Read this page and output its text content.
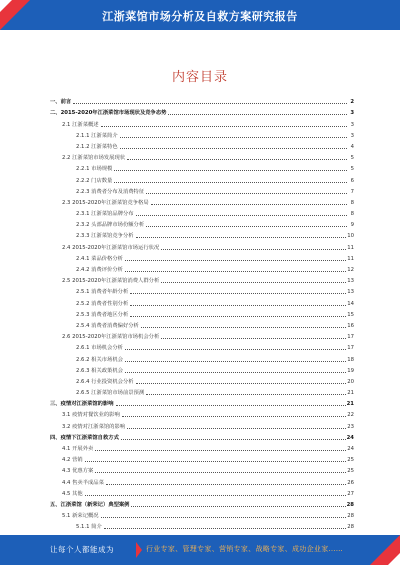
江浙菜馆市场分析及自救方案研究报告
内容目录
一、前言	2
二、2015-2020年江浙菜馆市场现状及竞争态势	3
2.1 江浙菜概述	3
2.1.1 江浙菜简介	3
2.1.2 江浙菜特色	4
2.2 江浙菜馆市场发展现状	5
2.2.1 市场规模	5
2.2.2 门店数量	6
2.2.3 消费者分布及消费特征	7
2.3 2015-2020年江浙菜馆竞争格局	8
2.3.1 江浙菜馆品牌分布	8
2.3.2 头部品牌市场份额分析	9
2.3.3 江浙菜馆竞争分析	10
2.4 2015-2020年江浙菜馆市场运行状况	11
2.4.1 菜品价格分析	11
2.4.2 消费评价分析	12
2.5 2015-2020年江浙菜馆消费人群分析	13
2.5.1 消费者年龄分析	13
2.5.2 消费者性别分析	14
2.5.3 消费者地区分析	15
2.5.4 消费者消费偏好分析	16
2.6 2015-2020年江浙菜馆市场机会分析	17
2.6.1 市场机会分析	17
2.6.2 相关市场机会	18
2.6.3 相关政策机会	19
2.6.4 行业投资机会分析	20
2.6.5 江浙菜馆市场前景预测	21
三、疫情对江浙菜馆的影响	21
3.1 疫情对餐饮业的影响	22
3.2 疫情对江浙菜馆的影响	23
四、疫情下江浙菜馆自救方式	24
4.1 开展外卖	24
4.2 营销	25
4.3 优惠方案	25
4.4 售卖半成品菜	26
4.5 其他	27
五、江浙菜馆（新荣记）典型案例	28
5.1 新荣记概况	28
5.1.1 简介	28
让每个人都能成为	行业专家、管理专家、营销专家、战略专家、成功企业家……
